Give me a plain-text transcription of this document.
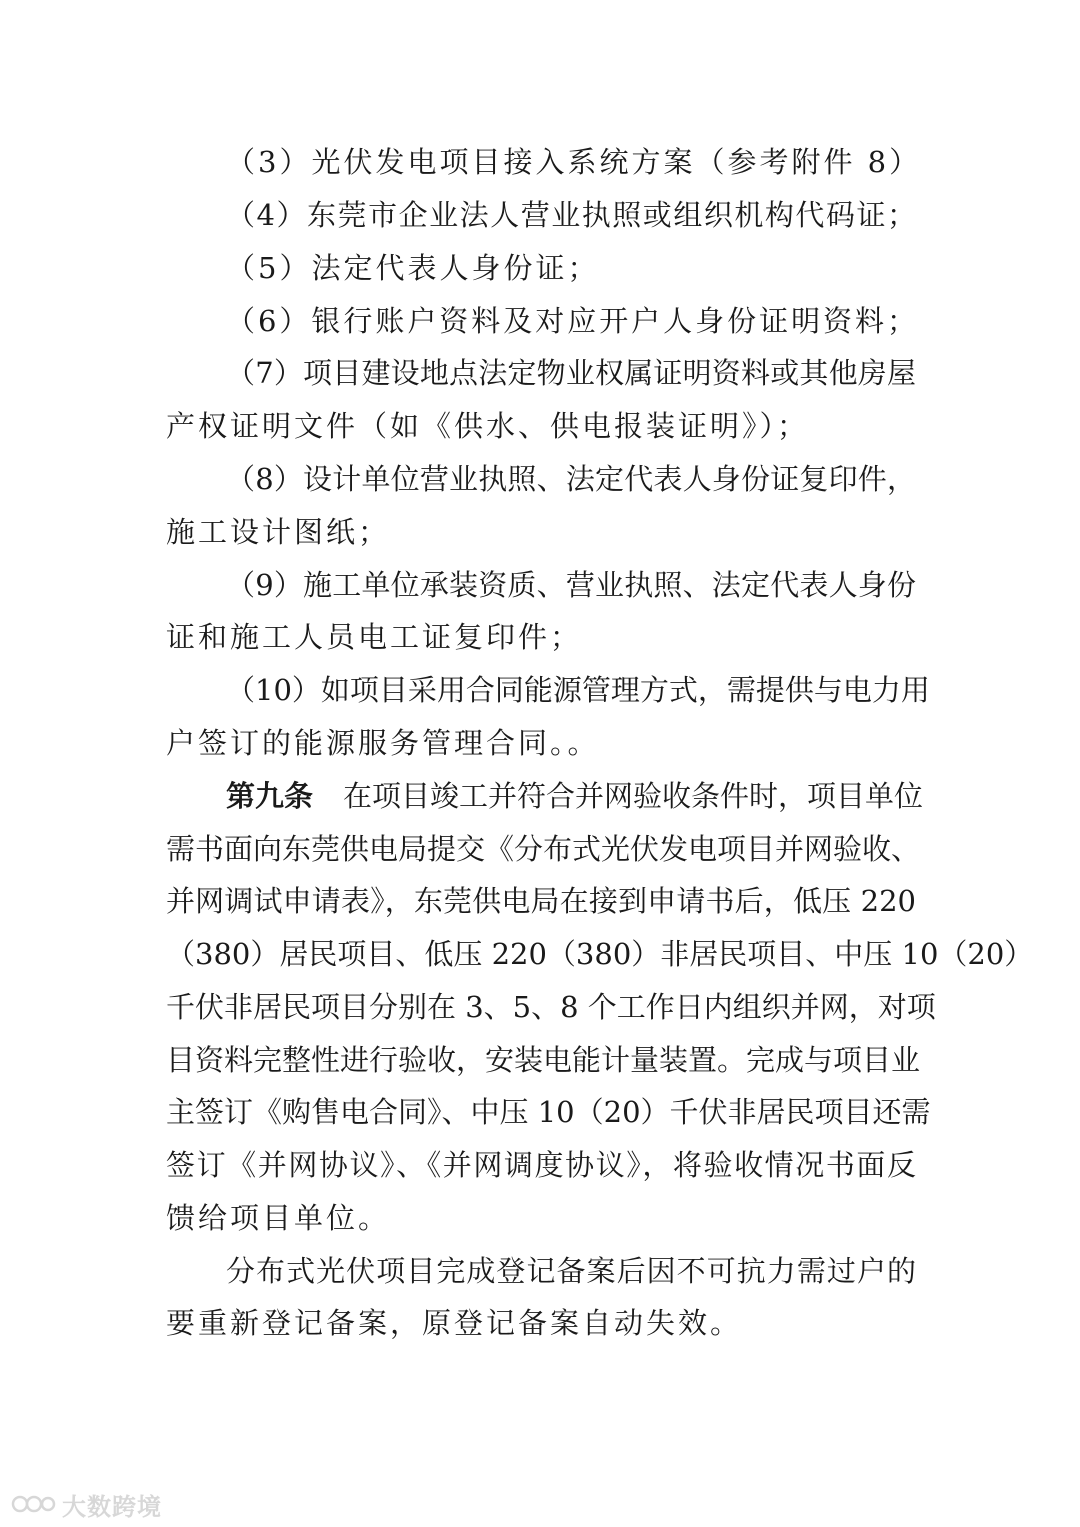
（3）光伏发电项目接入系统方案（参考附件 8）
（4）东莞市企业法人营业执照或组织机构代码证；
（5）法定代表人身份证；
（6）银行账户资料及对应开户人身份证明资料；
（7）项目建设地点法定物业权属证明资料或其他房屋
产权证明文件（如《供水、供电报装证明》）；
（8）设计单位营业执照、法定代表人身份证复印件，
施工设计图纸；
（9）施工单位承装资质、营业执照、法定代表人身份
证和施工人员电工证复印件；
（10）如项目采用合同能源管理方式，需提供与电力用
户签订的能源服务管理合同。。
第九条 在项目竣工并符合并网验收条件时，项目单位
需书面向东莞供电局提交《分布式光伏发电项目并网验收、
并网调试申请表》，东莞供电局在接到申请书后，低压 220
（380）居民项目、低压 220（380）非居民项目、中压 10（20）
千伏非居民项目分别在 3、5、8 个工作日内组织并网，对项
目资料完整性进行验收，安装电能计量装置。完成与项目业
主签订《购售电合同》、中压 10（20）千伏非居民项目还需
签订《并网协议》、《并网调度协议》，将验收情况书面反
馈给项目单位。
分布式光伏项目完成登记备案后因不可抗力需过户的
要重新登记备案，原登记备案自动失效。
大数跨境
